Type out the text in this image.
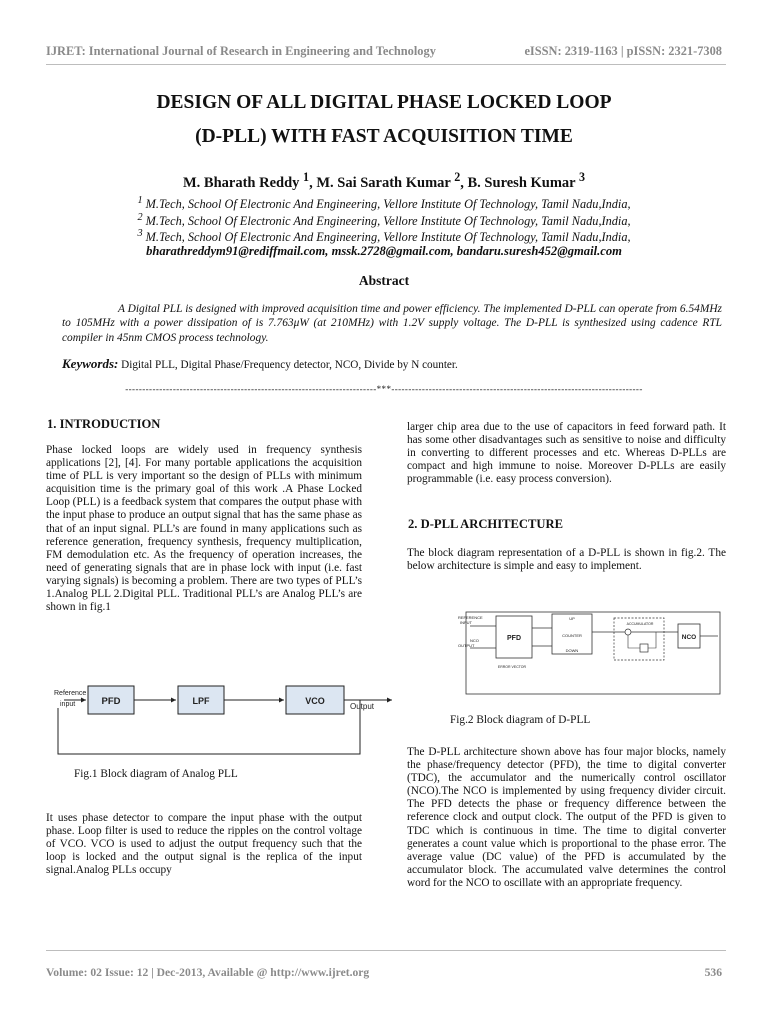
IJRET: International Journal of Research in Engineering and Technology	eISSN: 2319-1163 | pISSN: 2321-7308
DESIGN OF ALL DIGITAL PHASE LOCKED LOOP
(D-PLL) WITH FAST ACQUISITION TIME
M. Bharath Reddy $^1$, M. Sai Sarath Kumar $^2$, B. Suresh Kumar $^3$
$^1$ M.Tech, School Of Electronic And Engineering, Vellore Institute Of Technology, Tamil Nadu,India,
$^2$ M.Tech, School Of Electronic And Engineering, Vellore Institute Of Technology, Tamil Nadu,India,
$^3$ M.Tech, School Of Electronic And Engineering, Vellore Institute Of Technology, Tamil Nadu,India,
bharathreddym91@rediffmail.com, mssk.2728@gmail.com, bandaru.suresh452@gmail.com
Abstract

A Digital PLL is designed with improved acquisition time and power efficiency. The implemented D-PLL can operate from 6.54MHz to 105MHz with a power dissipation of is 7.763μW (at 210MHz) with 1.2V supply voltage. The D-PLL is synthesized using cadence RTL compiler in 45nm CMOS process technology.

Keywords: Digital PLL, Digital Phase/Frequency detector, NCO, Divide by N counter.
--------------------------------------------------------------------------***--------------------------------------------------------------------------
1. INTRODUCTION

Phase locked loops are widely used in frequency synthesis applications [2], [4]. For many portable applications the acquisition time of PLL is very important so the design of PLLs with minimum acquisition time is the primary goal of this work .A Phase Locked Loop (PLL) is a feedback system that compares the output phase with the input phase to produce an output signal that has the same phase as that of an input signal. PLL’s are found in many applications such as reference generation, frequency synthesis, frequency multiplication, FM demodulation etc. As the frequency of operation increases, the need of generating signals that are in phase lock with input (i.e. fast varying signals) is becoming a problem. There are two types of PLL’s 1.Analog PLL 2.Digital PLL. Traditional PLL’s are Analog PLL’s are shown in fig.1

Reference
input	PFD	LPF	VCO
Output
Fig.1 Block diagram of Analog PLL

It uses phase detector to compare the input phase with the output phase. Loop filter is used to reduce the ripples on the control voltage of VCO. VCO is used to adjust the output frequency such that the loop is locked and the output signal is the replica of the input signal.Analog PLLs occupy

larger chip area due to the use of capacitors in feed forward path. It has some other disadvantages such as sensitive to noise and difficulty in converting to different processes and etc. Whereas D-PLLs are compact and high immune to noise. Moreover D-PLLs are easily programmable (i.e. easy process conversion).

2. D-PLL ARCHITECTURE

The block diagram representation of a D-PLL is shown in fig.2. The below architecture is simple and easy to implement.

REFERENCE
INPUT
NCO
OUTPUT
PFD
UP
COUNTER
DOWN
ACCUMULATOR
NCO
ERROR VECTOR
Fig.2 Block diagram of D-PLL

The D-PLL architecture shown above has four major blocks, namely the phase/frequency detector (PFD), the time to digital converter (TDC), the accumulator and the numerically control oscillator (NCO).The NCO is implemented by using frequency divider circuit. The PFD detects the phase or frequency difference between the reference clock and output clock. The output of the PFD is given to TDC which is continuous in time. The time to digital converter generates a count value which is proportional to the phase error. The average value (DC value) of the PFD is accumulated by the accumulator block. The accumulated valve determines the control word for the NCO to oscillate with an appropriate frequency.

Volume: 02 Issue: 12 | Dec-2013, Available @ http://www.ijret.org	536
